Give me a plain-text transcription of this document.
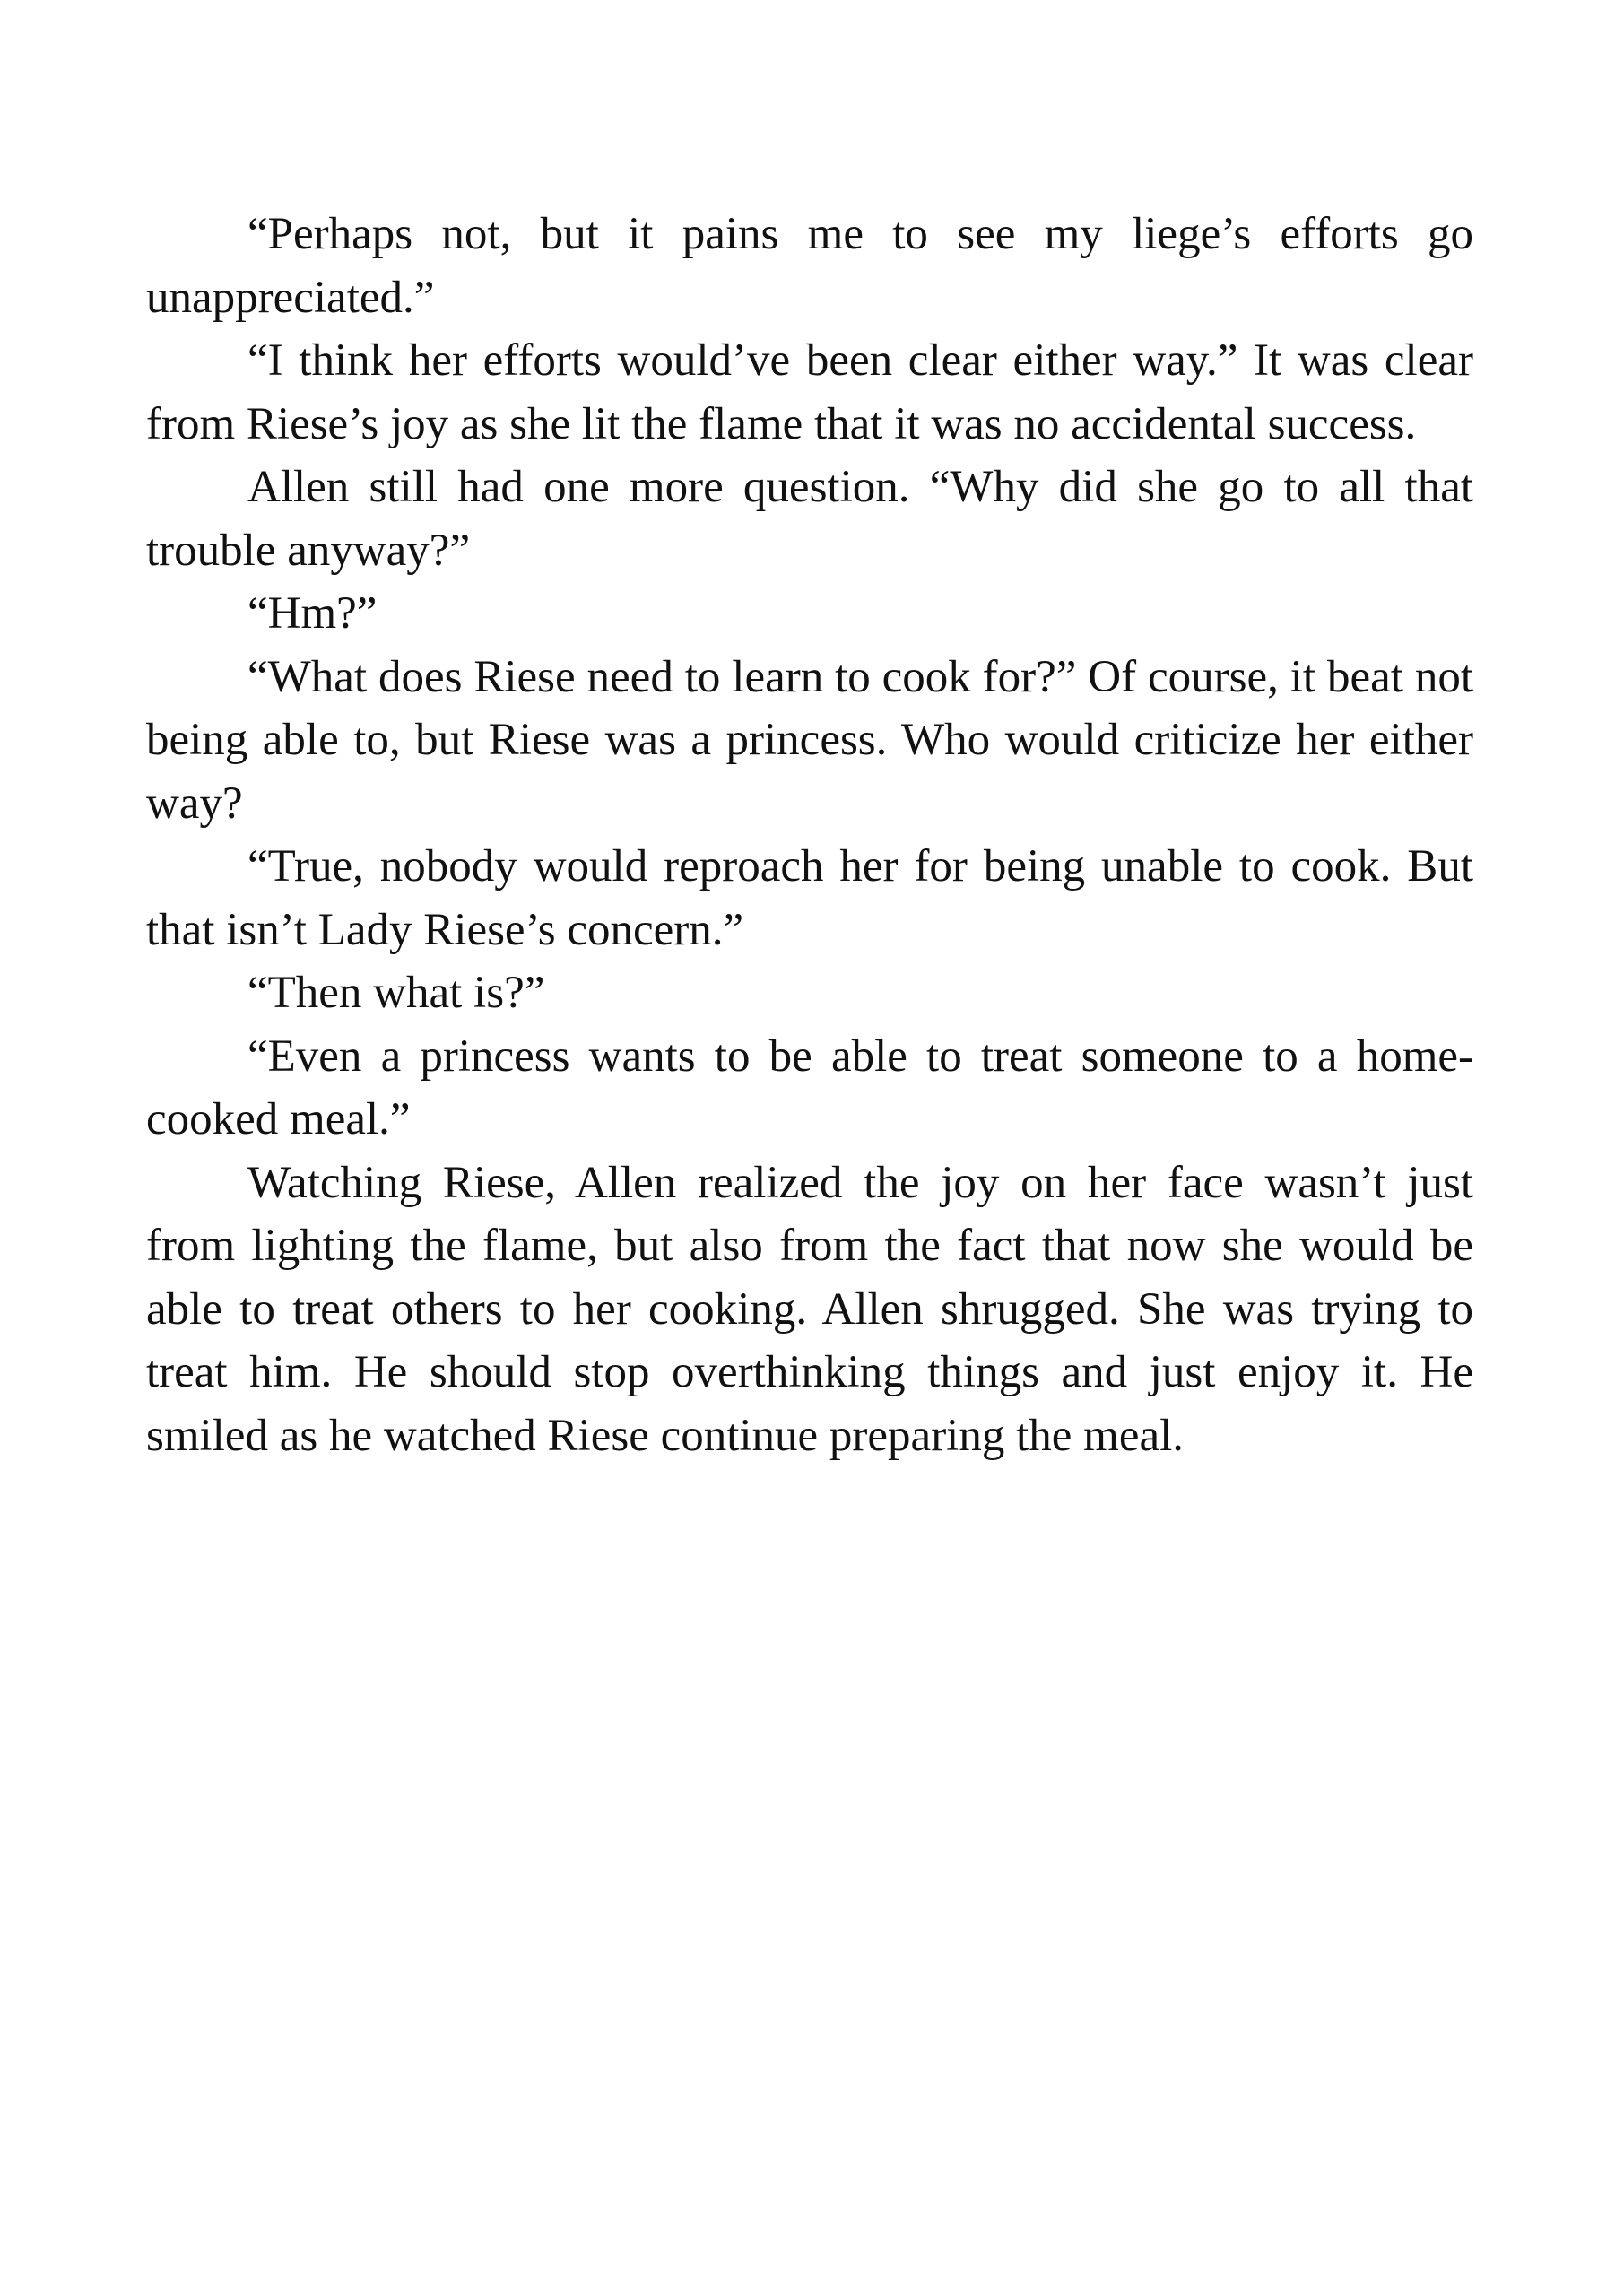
“Perhaps not, but it pains me to see my liege’s efforts go unappreciated.”

“I think her efforts would’ve been clear either way.” It was clear from Riese’s joy as she lit the flame that it was no accidental success.

Allen still had one more question. “Why did she go to all that trouble anyway?”

“Hm?”

“What does Riese need to learn to cook for?” Of course, it beat not being able to, but Riese was a princess. Who would criticize her either way?

“True, nobody would reproach her for being unable to cook. But that isn’t Lady Riese’s concern.”

“Then what is?”

“Even a princess wants to be able to treat someone to a home-cooked meal.”

Watching Riese, Allen realized the joy on her face wasn’t just from lighting the flame, but also from the fact that now she would be able to treat others to her cooking. Allen shrugged. She was trying to treat him. He should stop overthinking things and just enjoy it. He smiled as he watched Riese continue preparing the meal.
